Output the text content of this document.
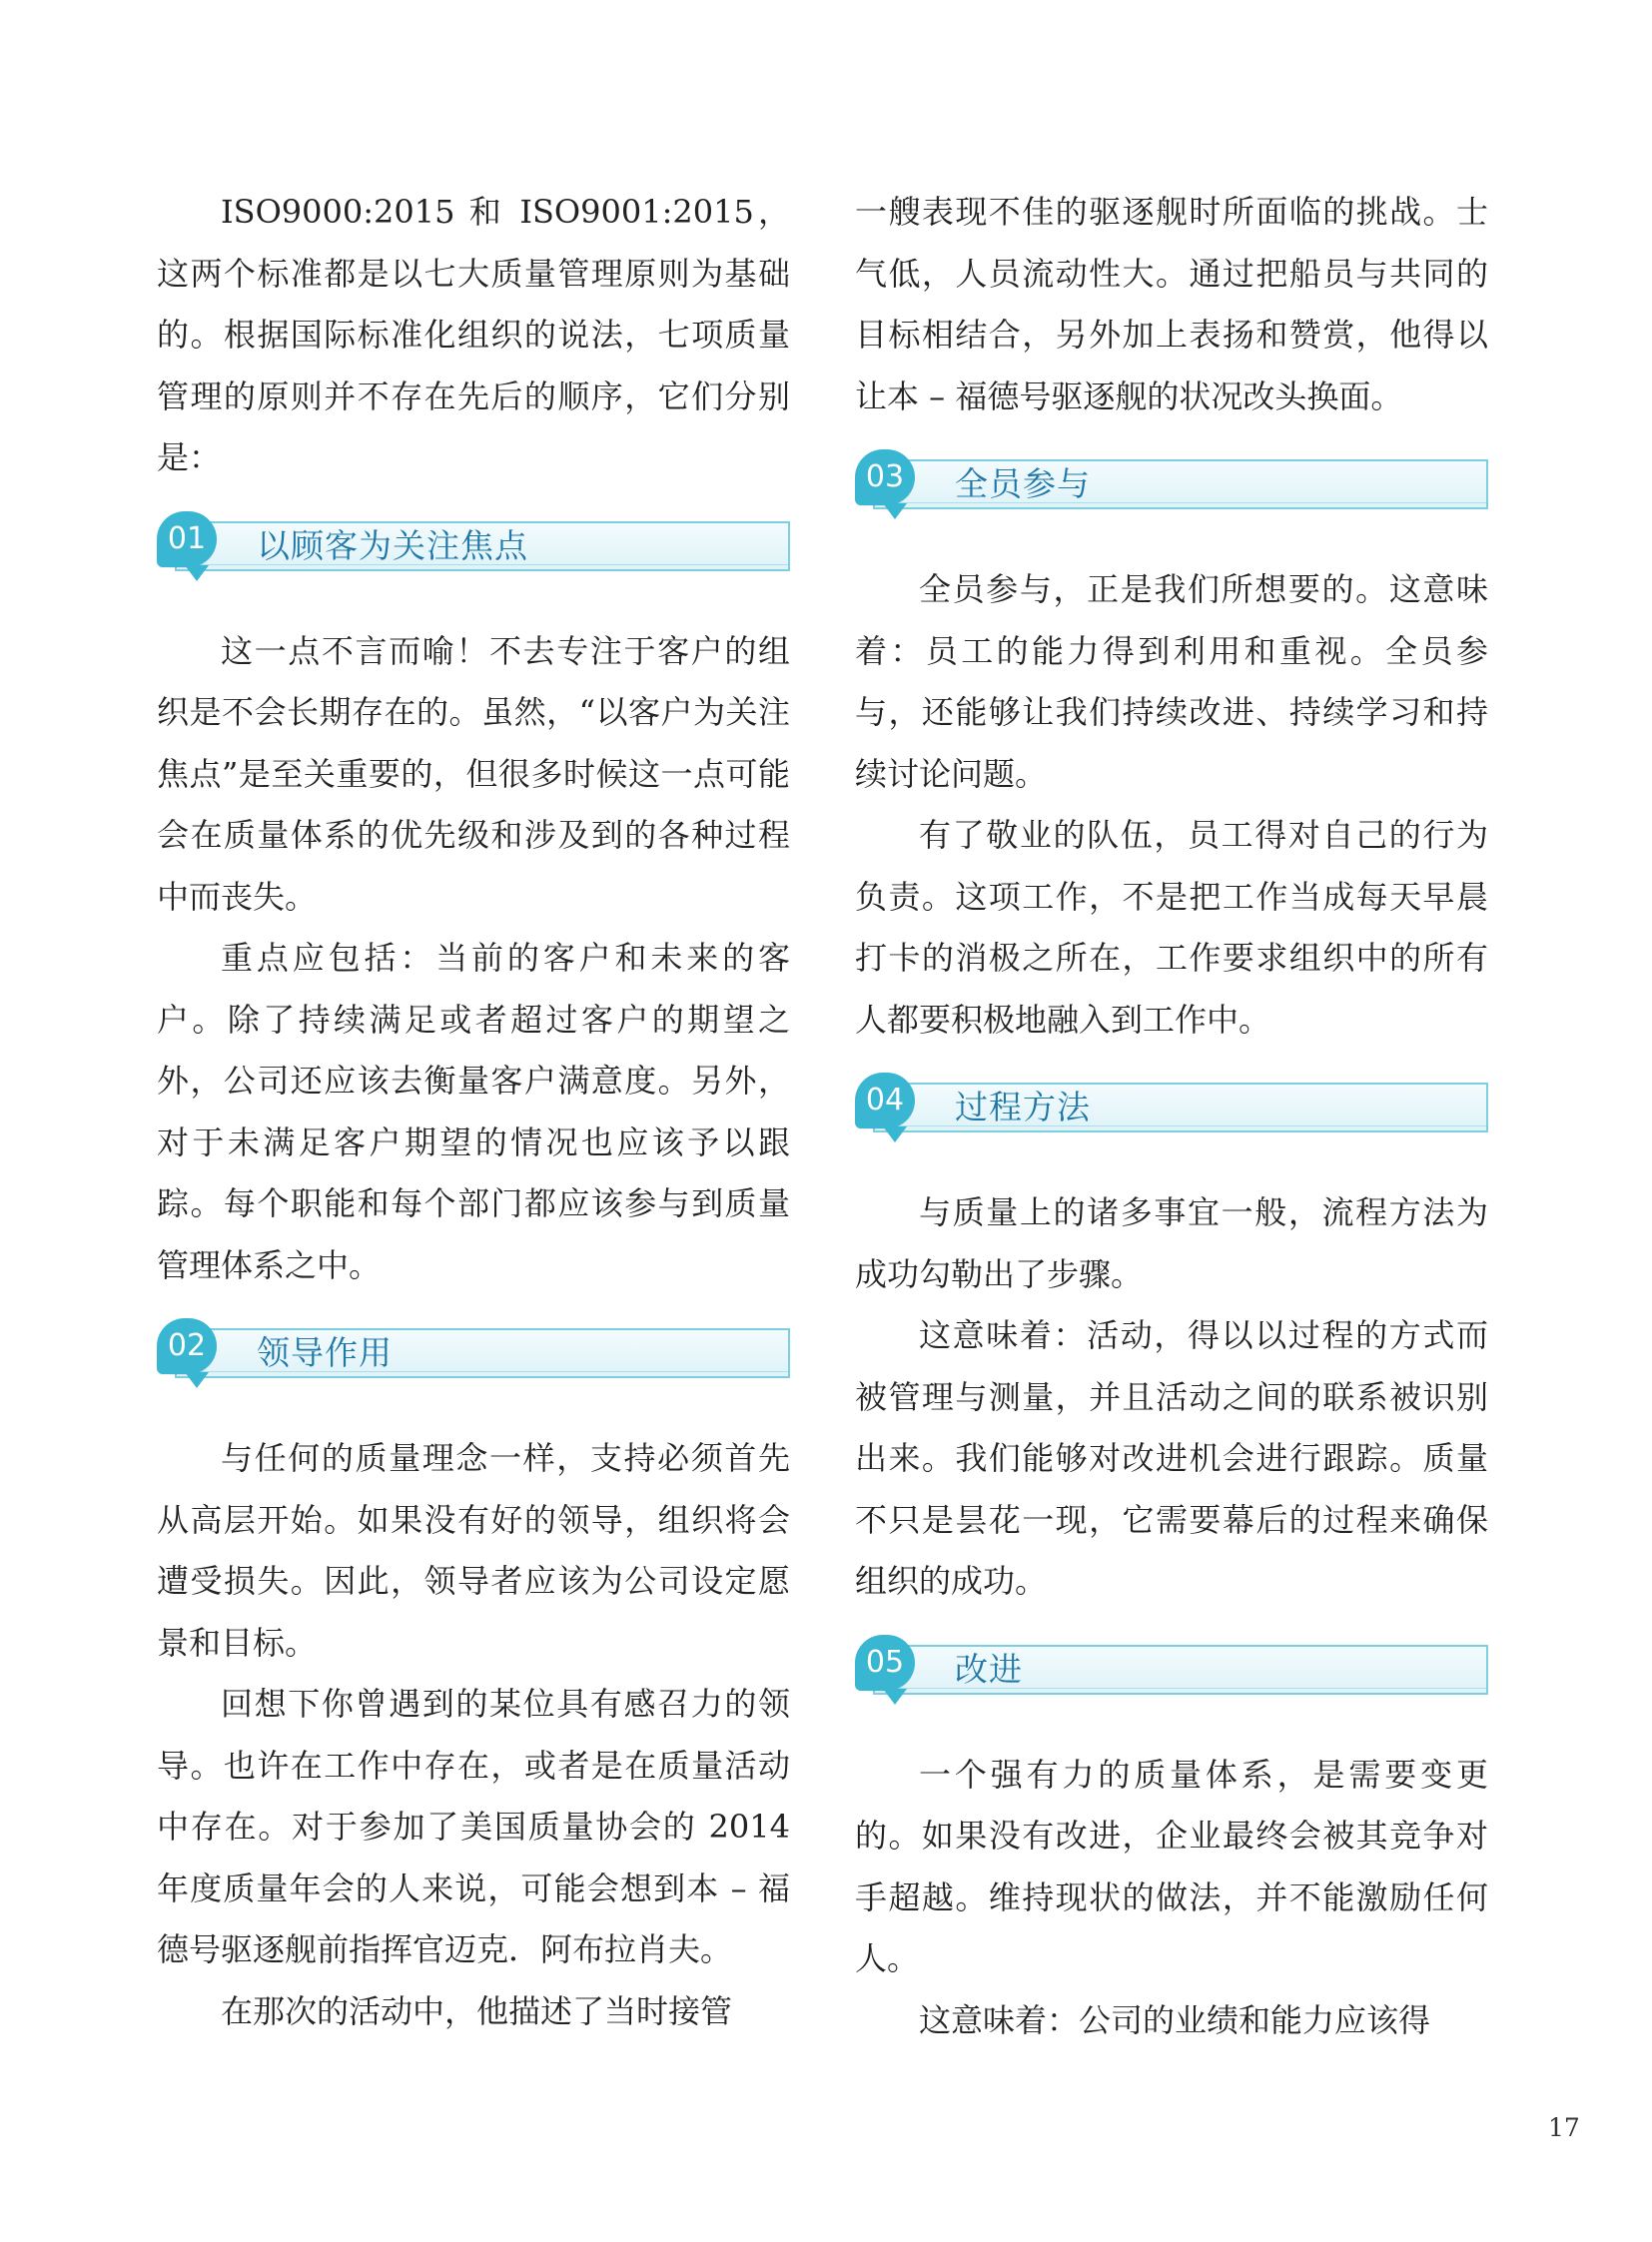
ISO9000:2015 和 ISO9001:2015，这两个标准都是以七大质量管理原则为基础的。根据国际标准化组织的说法，七项质量管理的原则并不存在先后的顺序，它们分别是：

01	以顾客为关注焦点

这一点不言而喻！不去专注于客户的组织是不会长期存在的。虽然，“以客户为关注焦点”是至关重要的，但很多时候这一点可能会在质量体系的优先级和涉及到的各种过程中而丧失。

重点应包括：当前的客户和未来的客户。除了持续满足或者超过客户的期望之外，公司还应该去衡量客户满意度。另外，对于未满足客户期望的情况也应该予以跟踪。每个职能和每个部门都应该参与到质量管理体系之中。

02	领导作用

与任何的质量理念一样，支持必须首先从高层开始。如果没有好的领导，组织将会遭受损失。因此，领导者应该为公司设定愿景和目标。

回想下你曾遇到的某位具有感召力的领导。也许在工作中存在，或者是在质量活动中存在。对于参加了美国质量协会的 2014 年度质量年会的人来说，可能会想到本 – 福德号驱逐舰前指挥官迈克．阿布拉肖夫。

在那次的活动中，他描述了当时接管

一艘表现不佳的驱逐舰时所面临的挑战。士气低，人员流动性大。通过把船员与共同的目标相结合，另外加上表扬和赞赏，他得以让本 – 福德号驱逐舰的状况改头换面。

03	全员参与

全员参与，正是我们所想要的。这意味着：员工的能力得到利用和重视。全员参与，还能够让我们持续改进、持续学习和持续讨论问题。

有了敬业的队伍，员工得对自己的行为负责。这项工作，不是把工作当成每天早晨打卡的消极之所在，工作要求组织中的所有人都要积极地融入到工作中。

04	过程方法

与质量上的诸多事宜一般，流程方法为成功勾勒出了步骤。

这意味着：活动，得以以过程的方式而被管理与测量，并且活动之间的联系被识别出来。我们能够对改进机会进行跟踪。质量不只是昙花一现，它需要幕后的过程来确保组织的成功。

05	改进

一个强有力的质量体系，是需要变更的。如果没有改进，企业最终会被其竞争对手超越。维持现状的做法，并不能激励任何人。

这意味着：公司的业绩和能力应该得

17
